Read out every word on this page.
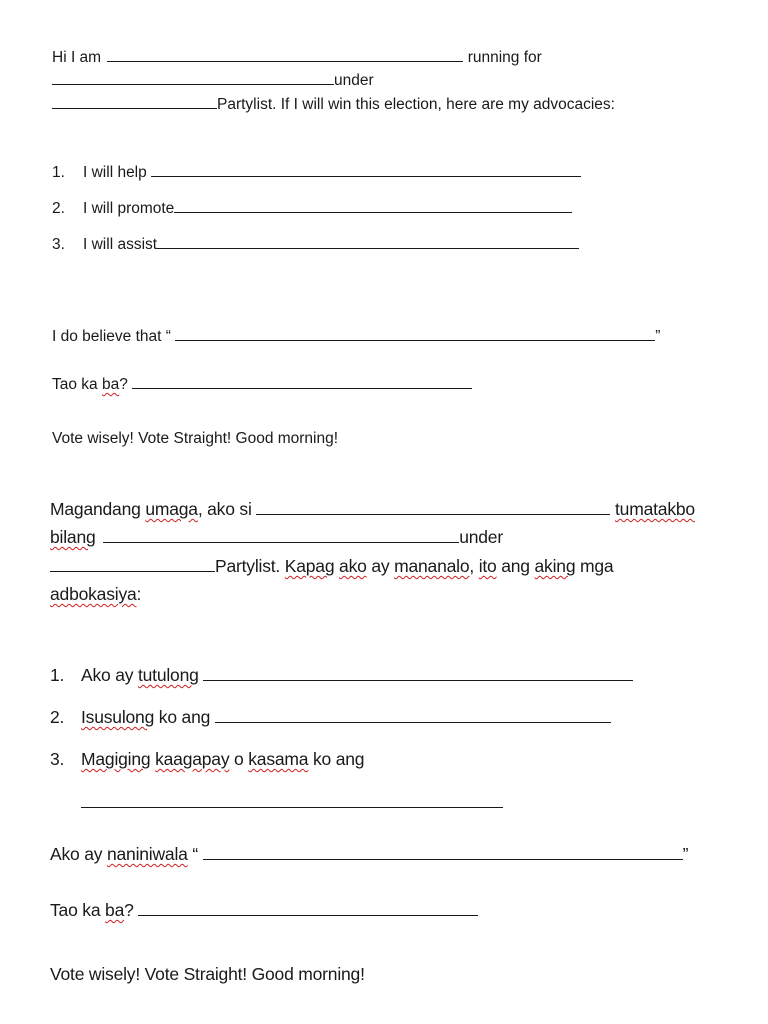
Hi I am	running for
under
Partylist. If I will win this election, here are my advocacies:
1. I will help
2. I will promote
3. I will assist
I do believe that “	”
Tao ka ba?
Vote wisely! Vote Straight! Good morning!
Magandang umaga, ako si	tumatakbo
bilang	under
Partylist. Kapag ako ay mananalo, ito ang aking mga
adbokasiya:
1. Ako ay tutulong
2. Isusulong ko ang
3. Magiging kaagapay o kasama ko ang
Ako ay naniniwala “	”
Tao ka ba?
Vote wisely! Vote Straight! Good morning!
